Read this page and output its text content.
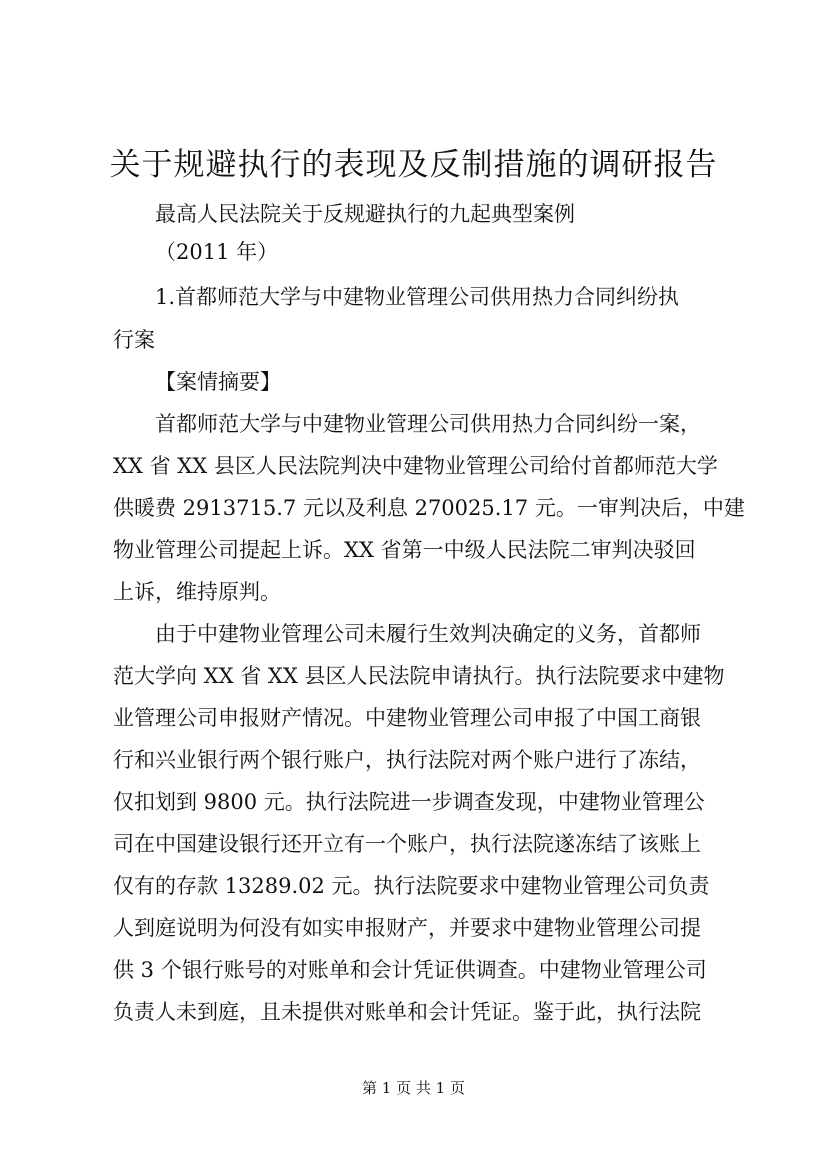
关于规避执行的表现及反制措施的调研报告

最高人民法院关于反规避执行的九起典型案例

（2011 年）

1.首都师范大学与中建物业管理公司供用热力合同纠纷执

行案

【案情摘要】

首都师范大学与中建物业管理公司供用热力合同纠纷一案，

XX 省 XX 县区人民法院判决中建物业管理公司给付首都师范大学

供暖费 2913715.7 元以及利息 270025.17 元。一审判决后，中建

物业管理公司提起上诉。XX 省第一中级人民法院二审判决驳回

上诉，维持原判。

由于中建物业管理公司未履行生效判决确定的义务，首都师

范大学向 XX 省 XX 县区人民法院申请执行。执行法院要求中建物

业管理公司申报财产情况。中建物业管理公司申报了中国工商银

行和兴业银行两个银行账户，执行法院对两个账户进行了冻结，

仅扣划到 9800 元。执行法院进一步调查发现，中建物业管理公

司在中国建设银行还开立有一个账户，执行法院遂冻结了该账上

仅有的存款 13289.02 元。执行法院要求中建物业管理公司负责

人到庭说明为何没有如实申报财产，并要求中建物业管理公司提

供 3 个银行账号的对账单和会计凭证供调查。中建物业管理公司

负责人未到庭，且未提供对账单和会计凭证。鉴于此，执行法院

第 1 页 共 1 页
